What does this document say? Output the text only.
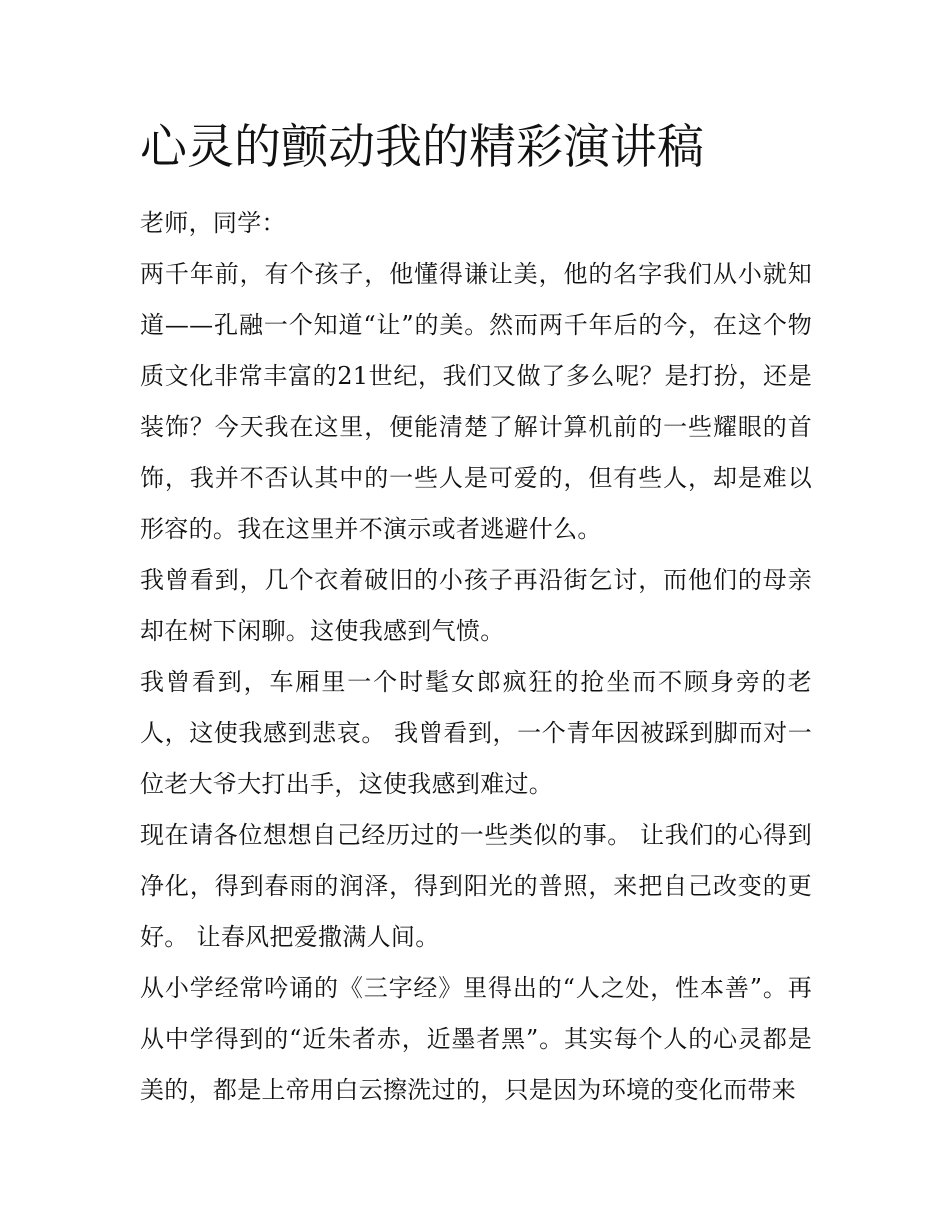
心灵的颤动我的精彩演讲稿

老师，同学：

两千年前，有个孩子，他懂得谦让美，他的名字我们从小就知道——孔融一个知道“让”的美。然而两千年后的今，在这个物质文化非常丰富的21世纪，我们又做了多么呢？是打扮，还是装饰？今天我在这里，便能清楚了解计算机前的一些耀眼的首饰，我并不否认其中的一些人是可爱的，但有些人，却是难以形容的。我在这里并不演示或者逃避什么。

我曾看到，几个衣着破旧的小孩子再沿街乞讨，而他们的母亲却在树下闲聊。这使我感到气愤。

我曾看到，车厢里一个时髦女郎疯狂的抢坐而不顾身旁的老人，这使我感到悲哀。 我曾看到，一个青年因被踩到脚而对一位老大爷大打出手，这使我感到难过。

现在请各位想想自己经历过的一些类似的事。 让我们的心得到净化，得到春雨的润泽，得到阳光的普照，来把自己改变的更好。 让春风把爱撒满人间。

从小学经常吟诵的《三字经》里得出的“人之处，性本善”。再从中学得到的“近朱者赤，近墨者黑”。其实每个人的心灵都是美的，都是上帝用白云擦洗过的，只是因为环境的变化而带来
